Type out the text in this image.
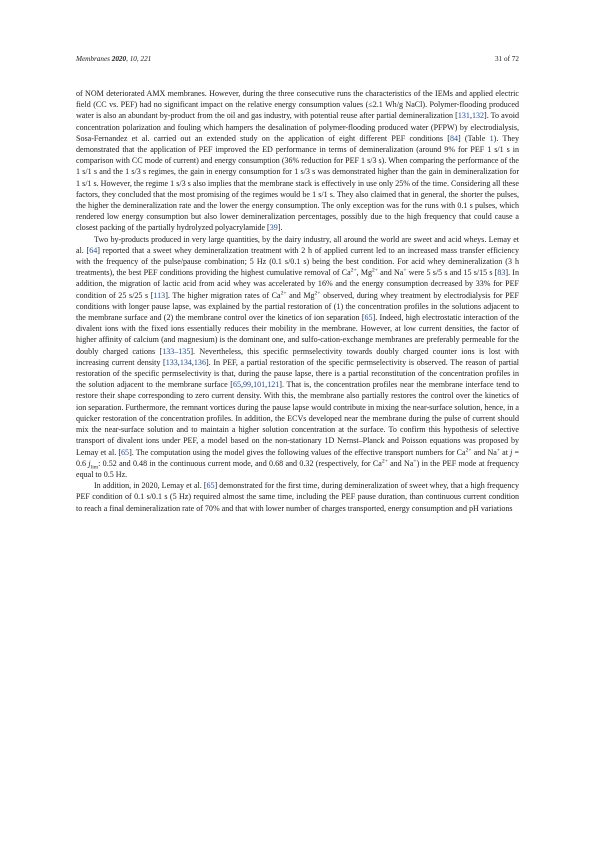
Membranes 2020, 10, 221	31 of 72

of NOM deteriorated AMX membranes. However, during the three consecutive runs the characteristics of the IEMs and applied electric field (CC vs. PEF) had no significant impact on the relative energy consumption values (≤2.1 Wh/g NaCl). Polymer-flooding produced water is also an abundant by-product from the oil and gas industry, with potential reuse after partial demineralization [131,132]. To avoid concentration polarization and fouling which hampers the desalination of polymer-flooding produced water (PFPW) by electrodialysis, Sosa-Fernandez et al. carried out an extended study on the application of eight different PEF conditions [84] (Table 1). They demonstrated that the application of PEF improved the ED performance in terms of demineralization (around 9% for PEF 1 s/1 s in comparison with CC mode of current) and energy consumption (36% reduction for PEF 1 s/3 s). When comparing the performance of the 1 s/1 s and the 1 s/3 s regimes, the gain in energy consumption for 1 s/3 s was demonstrated higher than the gain in demineralization for 1 s/1 s. However, the regime 1 s/3 s also implies that the membrane stack is effectively in use only 25% of the time. Considering all these factors, they concluded that the most promising of the regimes would be 1 s/1 s. They also claimed that in general, the shorter the pulses, the higher the demineralization rate and the lower the energy consumption. The only exception was for the runs with 0.1 s pulses, which rendered low energy consumption but also lower demineralization percentages, possibly due to the high frequency that could cause a closest packing of the partially hydrolyzed polyacrylamide [39].

Two by-products produced in very large quantities, by the dairy industry, all around the world are sweet and acid wheys. Lemay et al. [64] reported that a sweet whey demineralization treatment with 2 h of applied current led to an increased mass transfer efficiency with the frequency of the pulse/pause combination; 5 Hz (0.1 s/0.1 s) being the best condition. For acid whey demineralization (3 h treatments), the best PEF conditions providing the highest cumulative removal of $Ca^{2+}$, $Mg^{2+}$ and Na+ were 5 s/5 s and 15 s/15 s [83]. In addition, the migration of lactic acid from acid whey was accelerated by 16% and the energy consumption decreased by 33% for PEF condition of 25 s/25 s [113]. The higher migration rates of $Ca^{2+}$ and $Mg^{2+}$ observed, during whey treatment by electrodialysis for PEF conditions with longer pause lapse, was explained by the partial restoration of (1) the concentration profiles in the solutions adjacent to the membrane surface and (2) the membrane control over the kinetics of ion separation [65]. Indeed, high electrostatic interaction of the divalent ions with the fixed ions essentially reduces their mobility in the membrane. However, at low current densities, the factor of higher affinity of calcium (and magnesium) is the dominant one, and sulfo-cation-exchange membranes are preferably permeable for the doubly charged cations [133–135]. Nevertheless, this specific permselectivity towards doubly charged counter ions is lost with increasing current density [133,134,136]. In PEF, a partial restoration of the specific permselectivity is observed. The reason of partial restoration of the specific permselectivity is that, during the pause lapse, there is a partial reconstitution of the concentration profiles in the solution adjacent to the membrane surface [65,99,101,121]. That is, the concentration profiles near the membrane interface tend to restore their shape corresponding to zero current density. With this, the membrane also partially restores the control over the kinetics of ion separation. Furthermore, the remnant vortices during the pause lapse would contribute in mixing the near-surface solution, hence, in a quicker restoration of the concentration profiles. In addition, the ECVs developed near the membrane during the pulse of current should mix the near-surface solution and to maintain a higher solution concentration at the surface. To confirm this hypothesis of selective transport of divalent ions under PEF, a model based on the non-stationary 1D Nernst–Planck and Poisson equations was proposed by Lemay et al. [65]. The computation using the model gives the following values of the effective transport numbers for $Ca^{2+}$ and Na+ at j = 0.6 $j_{lim}$: 0.52 and 0.48 in the continuous current mode, and 0.68 and 0.32 (respectively, for $Ca^{2+}$ and Na+) in the PEF mode at frequency equal to 0.5 Hz.

In addition, in 2020, Lemay et al. [65] demonstrated for the first time, during demineralization of sweet whey, that a high frequency PEF condition of 0.1 s/0.1 s (5 Hz) required almost the same time, including the PEF pause duration, than continuous current condition to reach a final demineralization rate of 70% and that with lower number of charges transported, energy consumption and pH variations
